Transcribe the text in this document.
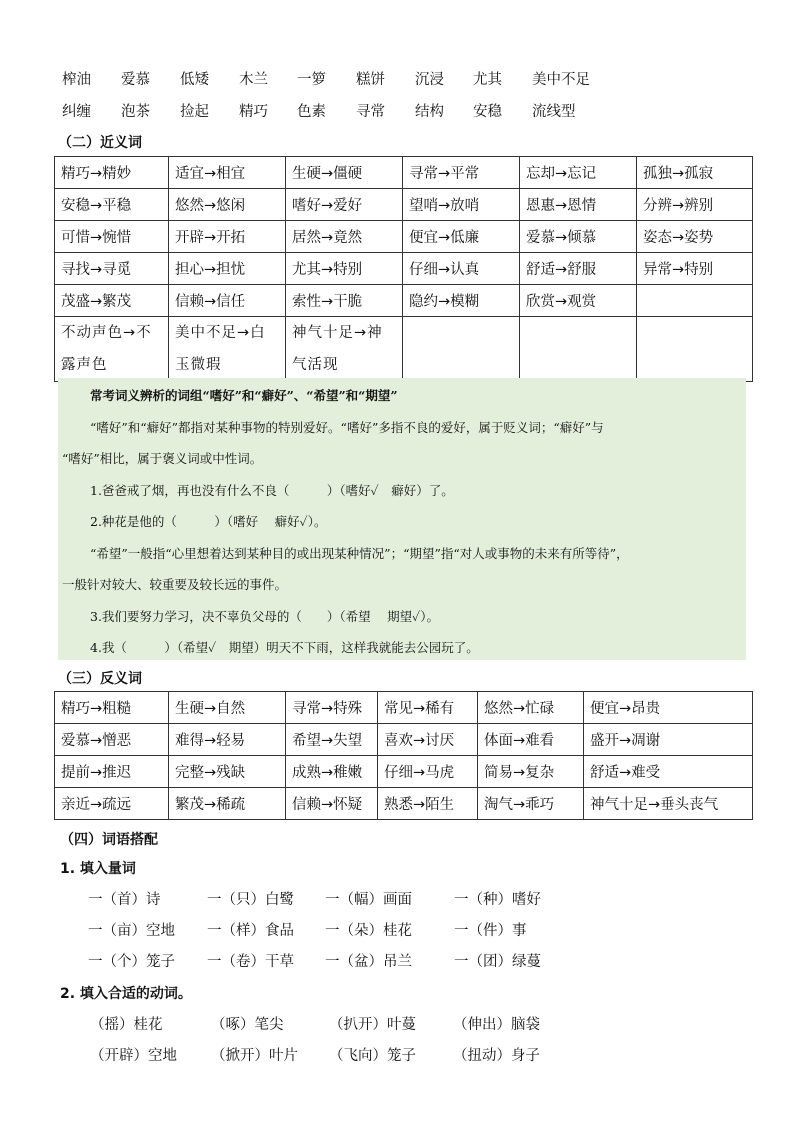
榨油 爱慕 低矮 木兰 一箩 糕饼 沉浸 尤其 美中不足
纠缠 泡茶 捡起 精巧 色素 寻常 结构 安稳 流线型
（二）近义词
精巧→精妙	适宜→相宜	生硬→僵硬	寻常→平常	忘却→忘记	孤独→孤寂
安稳→平稳	悠然→悠闲	嗜好→爱好	望哨→放哨	恩惠→恩情	分辨→辨别
可惜→惋惜	开辟→开拓	居然→竟然	便宜→低廉	爱慕→倾慕	姿态→姿势
寻找→寻觅	担心→担忧	尤其→特别	仔细→认真	舒适→舒服	异常→特别
茂盛→繁茂	信赖→信任	索性→干脆	隐约→模糊	欣赏→观赏	
不动声色→不露声色	美中不足→白玉微瑕	神气十足→神气活现			
常考词义辨析的词组“嗜好”和“癖好”、“希望”和“期望”
“嗜好”和“癖好”都指对某种事物的特别爱好。“嗜好”多指不良的爱好，属于贬义词；“癖好”与
“嗜好”相比，属于褒义词或中性词。
1.爸爸戒了烟，再也没有什么不良（　　　）（嗜好✓　癖好）了。
2.种花是他的（　　　）（嗜好　 癖好✓）。
“希望”一般指“心里想着达到某种目的或出现某种情况”；“期望”指“对人或事物的未来有所等待”，
一般针对较大、较重要及较长远的事件。
3.我们要努力学习，决不辜负父母的（　　）（希望　 期望✓）。
4.我（　　　）（希望✓　期望）明天不下雨，这样我就能去公园玩了。
（三）反义词
精巧→粗糙	生硬→自然	寻常→特殊	常见→稀有	悠然→忙碌	便宜→昂贵
爱慕→憎恶	难得→轻易	希望→失望	喜欢→讨厌	体面→难看	盛开→凋谢
提前→推迟	完整→残缺	成熟→稚嫩	仔细→马虎	简易→复杂	舒适→难受
亲近→疏远	繁茂→稀疏	信赖→怀疑	熟悉→陌生	淘气→乖巧	神气十足→垂头丧气
（四）词语搭配
1. 填入量词
一（首）诗	一（只）白鹭 一（幅）画面	一（种）嗜好
一（亩）空地 一（样）食品 一（朵）桂花	一（件）事
一（个）笼子 一（卷）干草 一（盆）吊兰	一（团）绿蔓
2. 填入合适的动词。
（摇）桂花	（啄）笔尖	（扒开）叶蔓	（伸出）脑袋
（开辟）空地 （掀开）叶片 （飞向）笼子	（扭动）身子
